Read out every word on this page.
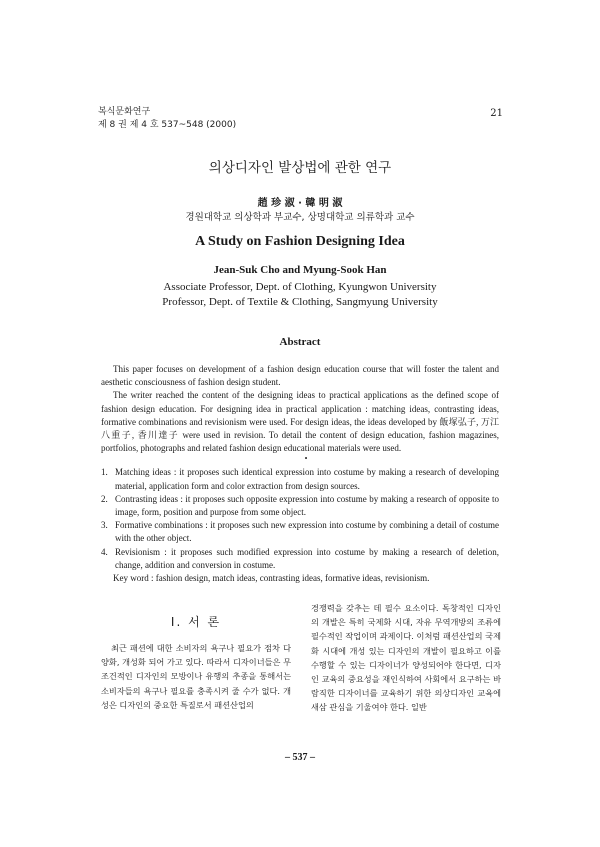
복식문화연구
제 8 권 제 4 호 537~548 (2000)
21
의상디자인 발상법에 관한 연구
趙 珍 淑 · 韓 明 淑
경원대학교 의상학과 부교수, 상명대학교 의류학과 교수
A Study on Fashion Designing Idea
Jean-Suk Cho and Myung-Sook Han
Associate Professor, Dept. of Clothing, Kyungwon University
Professor, Dept. of Textile & Clothing, Sangmyung University
Abstract

This paper focuses on development of a fashion design education course that will foster the talent and aesthetic consciousness of fashion design student.

The writer reached the content of the designing ideas to practical applications as the defined scope of fashion design education. For designing idea in practical application : matching ideas, contrasting ideas, formative combinations and revisionism were used. For design ideas, the ideas developed by 飯塚弘子, 万江八重子, 香川達子 were used in revision. To detail the content of design education, fashion magazines, portfolios, photographs and related fashion design educational materials were used.

•

1. Matching ideas : it proposes such identical expression into costume by making a research of developing material, application form and color extraction from design sources.
2. Contrasting ideas : it proposes such opposite expression into costume by making a research of opposite to image, form, position and purpose from some object.
3. Formative combinations : it proposes such new expression into costume by combining a detail of costume with the other object.
4. Revisionism : it proposes such modified expression into costume by making a research of deletion, change, addition and conversion in costume.

Key word : fashion design, match ideas, contrasting ideas, formative ideas, revisionism.

Ⅰ. 서 론

최근 패션에 대한 소비자의 욕구나 필요가 점차 다양화, 개성화 되어 가고 있다. 따라서 디자이너들은 무조건적인 디자인의 모방이나 유행의 추종을 통해서는 소비자들의 욕구나 필요를 충족시켜 줄 수가 없다. 개성은 디자인의 중요한 특질로서 패션산업의

경쟁력을 갖추는 데 필수 요소이다. 독창적인 디자인의 개발은 특히 국제화 시대, 자유 무역개방의 조류에 필수적인 작업이며 과제이다. 이처럼 패션산업의 국제화 시대에 개성 있는 디자인의 개발이 필요하고 이를 수행할 수 있는 디자이너가 양성되어야 한다면, 디자인 교육의 중요성을 재인식하여 사회에서 요구하는 바람직한 디자이너를 교육하기 위한 의상디자인 교육에 새삼 관심을 기울여야 한다. 일반

– 537 –
